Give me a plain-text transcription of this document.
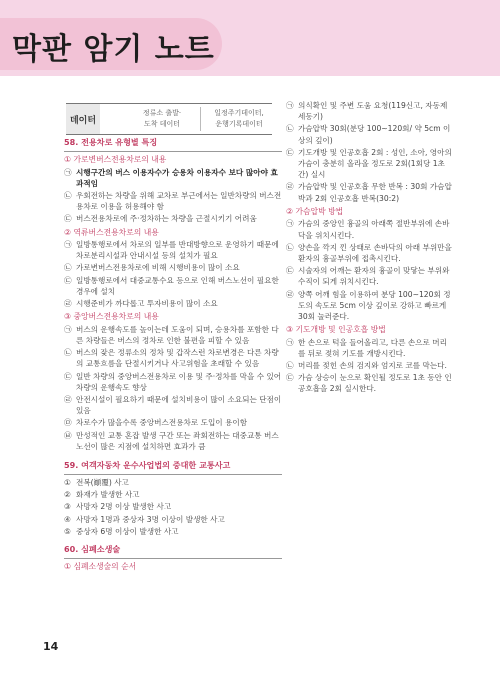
막판 암기 노트
데이터
정류소 출발·
도착 데이터
일정주기데이터,
운행기록데이터
58. 전용차로 유형별 특징
① 가로변버스전용차로의 내용
㉠ 시행구간의 버스 이용자수가 승용차 이용자수 보다 많아야 효과적임
㉡ 우회전하는 차량을 위해 교차로 부근에서는 일반차량의 버스전용차로 이용을 허용해야 함
㉢ 버스전용차로에 주·정차하는 차량을 근절시키기 어려움
② 역류버스전용차로의 내용
㉠ 일방통행로에서 차로의 일부를 반대방향으로 운영하기 때문에 차로분리시설과 안내시설 등의 설치가 필요
㉡ 가로변버스전용차로에 비해 시행비용이 많이 소요
㉢ 일방통행로에서 대중교통수요 등으로 인해 버스노선이 필요한 경우에 설치
㉣ 시행준비가 까다롭고 투자비용이 많이 소요
③ 중앙버스전용차로의 내용
㉠ 버스의 운행속도를 높이는데 도움이 되며, 승용차를 포함한 다른 차량들은 버스의 정차로 인한 불편을 피할 수 있음
㉡ 버스의 잦은 정류소의 정차 및 갑작스런 차로변경은 다른 차량의 교통흐름을 단절시키거나 사고위험을 초래할 수 있음
㉢ 일반 차량의 중앙버스전용차로 이용 및 주·정차를 막을 수 있어 차량의 운행속도 향상
㉣ 안전시설이 필요하기 때문에 설치비용이 많이 소요되는 단점이 있음
㉤ 차로수가 많을수록 중앙버스전용차로 도입이 용이함
㉥ 만성적인 교통 혼잡 발생 구간 또는 좌회전하는 대중교통 버스노선이 많은 지점에 설치하면 효과가 큼
59. 여객자동차 운수사업법의 중대한 교통사고
① 전복(顚覆) 사고
② 화재가 발생한 사고
③ 사망자 2명 이상 발생한 사고
④ 사망자 1명과 중상자 3명 이상이 발생한 사고
⑤ 중상자 6명 이상이 발생한 사고
60. 심폐소생술
① 심폐소생술의 순서
㉠ 의식확인 및 주변 도움 요청(119신고, 자동제세동기)
㉡ 가슴압박 30회(분당 100~120회/ 약 5cm 이상의 깊이)
㉢ 기도개방 및 인공호흡 2회 : 성인, 소아, 영아의 가슴이 충분히 올라올 정도로 2회(1회당 1초간) 실시
㉣ 가슴압박 및 인공호흡 무한 반복 : 30회 가슴압박과 2회 인공호흡 반복(30:2)
② 가슴압박 방법
㉠ 가슴의 중앙인 흉골의 아래쪽 절반부위에 손바닥을 위치시킨다.
㉡ 양손을 깍지 낀 상태로 손바닥의 아래 부위만을 환자의 흉골부위에 접촉시킨다.
㉢ 시술자의 어깨는 환자의 흉골이 맞닿는 부위와 수직이 되게 위치시킨다.
㉣ 양쪽 어깨 힘을 이용하여 분당 100~120회 정도의 속도로 5cm 이상 깊이로 강하고 빠르게 30회 눌러준다.
③ 기도개방 및 인공호흡 방법
㉠ 한 손으로 턱을 들어올리고, 다른 손으로 머리를 뒤로 젖혀 기도를 개방시킨다.
㉡ 머리를 젖힌 손의 검지와 엄지로 코를 막는다.
㉢ 가슴 상승이 눈으로 확인될 정도로 1초 동안 인공호흡을 2회 실시한다.
14
